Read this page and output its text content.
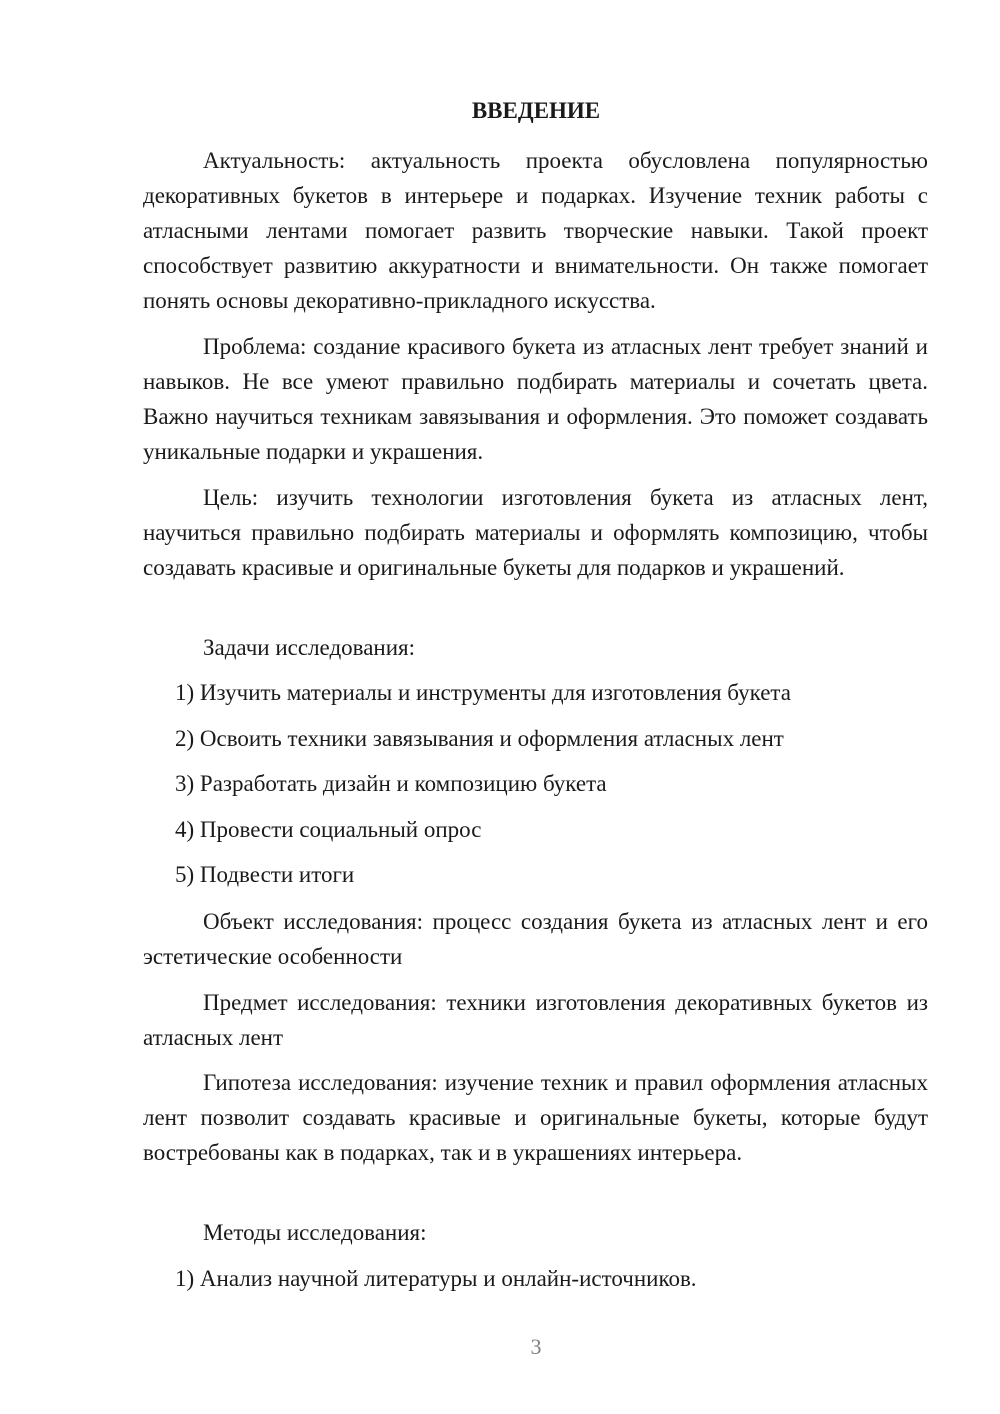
ВВЕДЕНИЕ

Актуальность: актуальность проекта обусловлена популярностью декоративных букетов в интерьере и подарках. Изучение техник работы с атласными лентами помогает развить творческие навыки. Такой проект способствует развитию аккуратности и внимательности. Он также помогает понять основы декоративно-прикладного искусства.

Проблема: создание красивого букета из атласных лент требует знаний и навыков. Не все умеют правильно подбирать материалы и сочетать цвета. Важно научиться техникам завязывания и оформления. Это поможет создавать уникальные подарки и украшения.

Цель: изучить технологии изготовления букета из атласных лент, научиться правильно подбирать материалы и оформлять композицию, чтобы создавать красивые и оригинальные букеты для подарков и украшений.

Задачи исследования:

1) Изучить материалы и инструменты для изготовления букета

2) Освоить техники завязывания и оформления атласных лент

3) Разработать дизайн и композицию букета

4) Провести социальный опрос

5) Подвести итоги

Объект исследования: процесс создания букета из атласных лент и его эстетические особенности

Предмет исследования: техники изготовления декоративных букетов из атласных лент

Гипотеза исследования: изучение техник и правил оформления атласных лент позволит создавать красивые и оригинальные букеты, которые будут востребованы как в подарках, так и в украшениях интерьера.

Методы исследования:

1) Анализ научной литературы и онлайн-источников.

3
